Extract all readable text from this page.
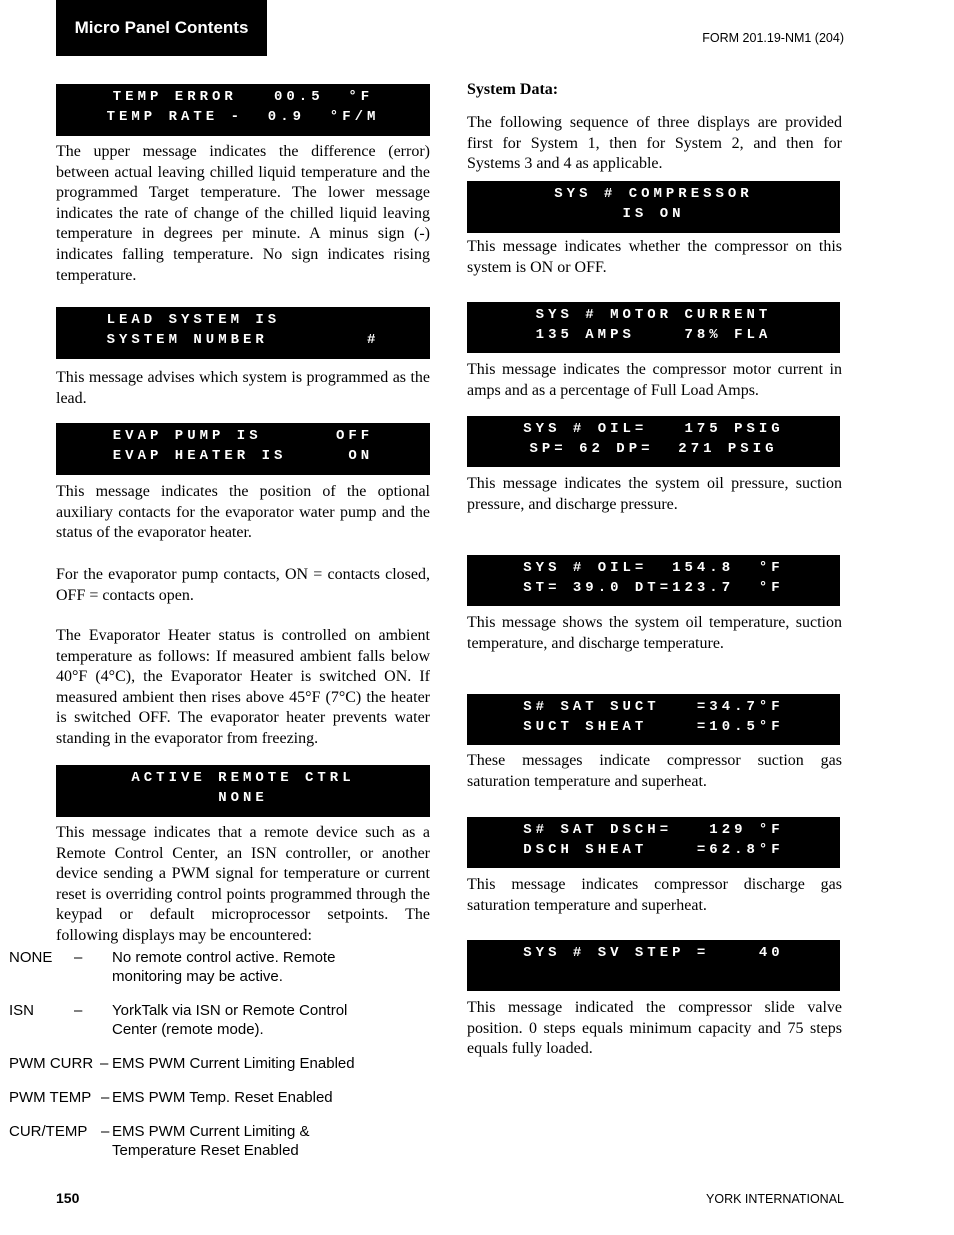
Micro Panel Contents
FORM 201.19-NM1 (204)
TEMP ERROR   00.5  °F
TEMP RATE -  0.9  °F/M

The upper message indicates the difference (error) between actual leaving chilled liquid temperature and the programmed Target temperature. The lower message indicates the rate of change of the chilled liquid leaving temperature in degrees per minute. A minus sign (-) indicates falling temperature. No sign indicates rising temperature.

LEAD SYSTEM IS
SYSTEM NUMBER        #

This message advises which system is programmed as the lead.

EVAP PUMP IS      OFF
EVAP HEATER IS     ON

This message indicates the position of the optional auxiliary contacts for the evaporator water pump and the status of the evaporator heater.

For the evaporator pump contacts, ON = contacts closed, OFF = contacts open.

The Evaporator Heater status is controlled on ambient temperature as follows: If measured ambient falls below 40°F (4°C), the Evaporator Heater is switched ON. If measured ambient then rises above 45°F (7°C) the heater is switched OFF. The evaporator heater prevents water standing in the evaporator from freezing.

ACTIVE REMOTE CTRL
NONE

This message indicates that a remote device such as a Remote Control Center, an ISN controller, or another device sending a PWM signal for temperature or current reset is overriding control points programmed through the keypad or default microprocessor setpoints. The following displays may be encountered:

NONE – No remote control active. Remote monitoring may be active.
ISN	– YorkTalk via ISN or Remote Control Center (remote mode).
PWM CURR – EMS PWM Current Limiting Enabled
PWM TEMP – EMS PWM Temp. Reset Enabled
CUR/TEMP – EMS PWM Current Limiting & Temperature Reset Enabled

System Data:

The following sequence of three displays are provided first for System 1, then for System 2, and then for Systems 3 and 4 as applicable.

SYS # COMPRESSOR
IS ON

This message indicates whether the compressor on this system is ON or OFF.

SYS # MOTOR CURRENT
135 AMPS    78% FLA

This message indicates the compressor motor current in amps and as a percentage of Full Load Amps.

SYS # OIL=   175 PSIG
SP= 62 DP=  271 PSIG

This message indicates the system oil pressure, suction pressure, and discharge pressure.

SYS # OIL=  154.8  °F
ST= 39.0 DT=123.7  °F

This message shows the system oil temperature, suction temperature, and discharge temperature.

S# SAT SUCT   =34.7°F
SUCT SHEAT    =10.5°F

These messages indicate compressor suction gas saturation temperature and superheat.

S# SAT DSCH=   129 °F
DSCH SHEAT    =62.8°F

This message indicates compressor discharge gas saturation temperature and superheat.

SYS # SV STEP =    40

This message indicated the compressor slide valve position. 0 steps equals minimum capacity and 75 steps equals fully loaded.

150	YORK INTERNATIONAL
